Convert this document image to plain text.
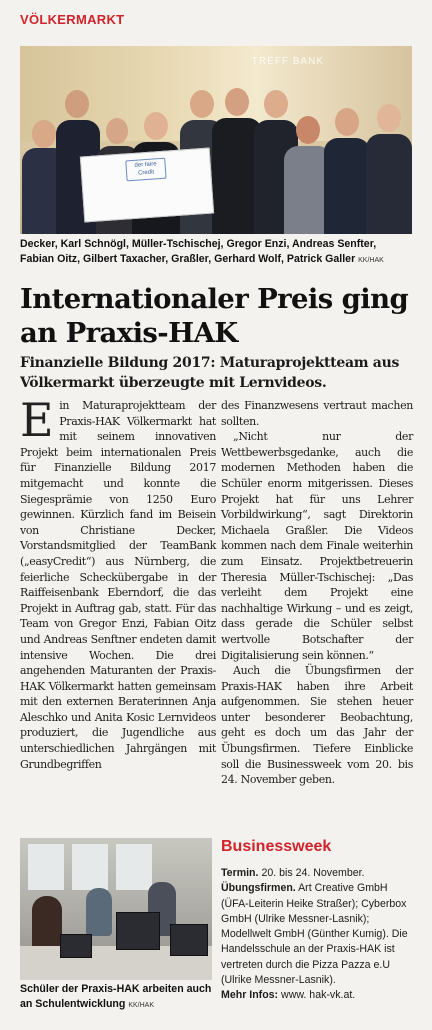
VÖLKERMARKT
TREFF BANK
der faire Credit
Decker, Karl Schnögl, Müller-Tschischej, Gregor Enzi, Andreas Senfter, Fabian Oitz, Gilbert Taxacher, Graßler, Gerhard Wolf, Patrick Galler KK/HAK
Internationaler Preis ging an Praxis-HAK
Finanzielle Bildung 2017: Maturaprojektteam aus Völkermarkt überzeugte mit Lernvideos.

Ein Maturaprojektteam der Praxis-HAK Völkermarkt hat mit seinem innovativen Projekt beim internationalen Preis für Finanzielle Bildung 2017 mitgemacht und konnte die Siegesprämie von 1250 Euro gewinnen. Kürzlich fand im Beisein von Christiane Decker, Vorstandsmitglied der TeamBank („easyCredit“) aus Nürnberg, die feierliche Scheckübergabe in der Raiffeisenbank Eberndorf, die das Projekt in Auftrag gab, statt. Für das Team von Gregor Enzi, Fabian Oitz und Andreas Senftner endeten damit intensive Wochen. Die drei angehenden Maturanten der Praxis-HAK Völkermarkt hatten gemeinsam mit den externen Beraterinnen Anja Aleschko und Anita Kosic Lernvideos produziert, die Jugendliche aus unterschiedlichen Jahrgängen mit Grundbegriffen

des Finanzwesens vertraut machen sollten.

„Nicht nur der Wettbewerbsgedanke, auch die modernen Methoden haben die Schüler enorm mitgerissen. Dieses Projekt hat für uns Lehrer Vorbildwirkung“, sagt Direktorin Michaela Graßler. Die Videos kommen nach dem Finale weiterhin zum Einsatz. Projektbetreuerin Theresia Müller-Tschischej: „Das verleiht dem Projekt eine nachhaltige Wirkung – und es zeigt, dass gerade die Schüler selbst wertvolle Botschafter der Digitalisierung sein können.“

Auch die Übungsfirmen der Praxis-HAK haben ihre Arbeit aufgenommen. Sie stehen heuer unter besonderer Beobachtung, geht es doch um das Jahr der Übungsfirmen. Tiefere Einblicke soll die Businessweek vom 20. bis 24. November geben.

Schüler der Praxis-HAK arbeiten auch an Schulentwicklung KK/HAK
Businessweek
Termin. 20. bis 24. November.
Übungsfirmen. Art Creative GmbH (ÜFA-Leiterin Heike Straßer); Cyberbox GmbH (Ulrike Messner-Lasnik); Modellwelt GmbH (Günther Kumig). Die Handelsschule an der Praxis-HAK ist vertreten durch die Pizza Pazza e.U (Ulrike Messner-Lasnik).
Mehr Infos: www. hak-vk.at.
